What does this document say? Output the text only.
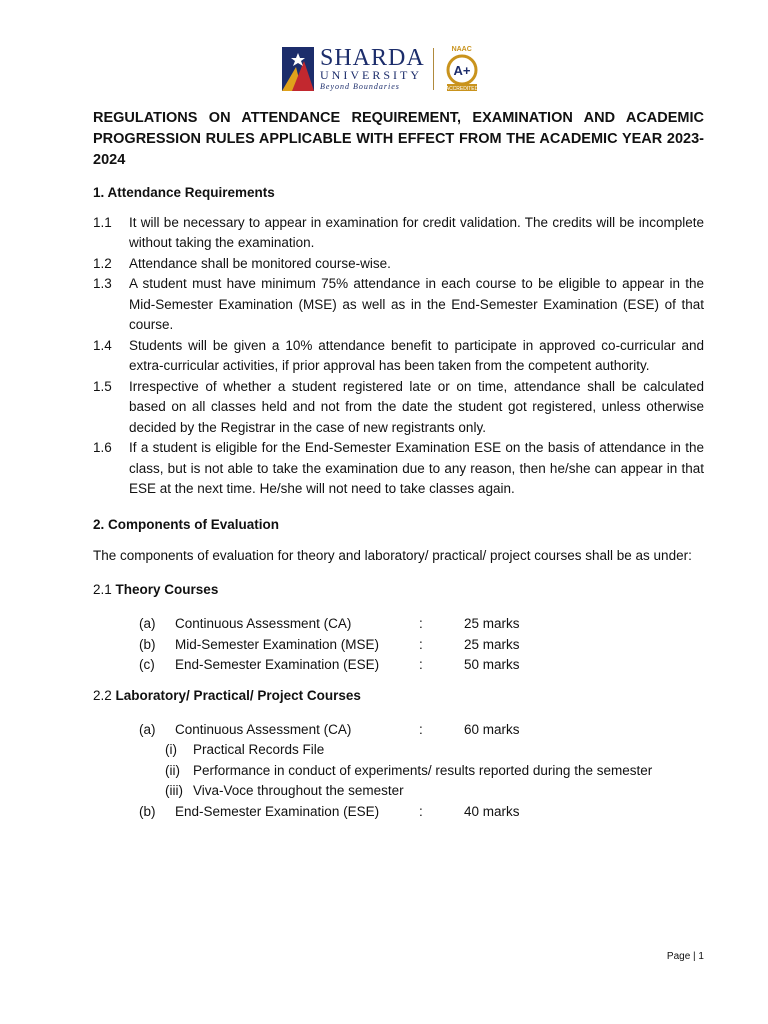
SHARDA
UNIVERSITY
Beyond Boundaries
NAAC
A+
ACCREDITED

REGULATIONS ON ATTENDANCE REQUIREMENT, EXAMINATION AND ACADEMIC PROGRESSION RULES APPLICABLE WITH EFFECT FROM THE ACADEMIC YEAR 2023-2024

1. Attendance Requirements

1.1	It will be necessary to appear in examination for credit validation. The credits will be incomplete without taking the examination.
1.2	Attendance shall be monitored course-wise.
1.3	A student must have minimum 75% attendance in each course to be eligible to appear in the Mid-Semester Examination (MSE) as well as in the End-Semester Examination (ESE) of that course.
1.4	Students will be given a 10% attendance benefit to participate in approved co-curricular and extra-curricular activities, if prior approval has been taken from the competent authority.
1.5	Irrespective of whether a student registered late or on time, attendance shall be calculated based on all classes held and not from the date the student got registered, unless otherwise decided by the Registrar in the case of new registrants only.
1.6	If a student is eligible for the End-Semester Examination ESE on the basis of attendance in the class, but is not able to take the examination due to any reason, then he/she can appear in that ESE at the next time. He/she will not need to take classes again.

2. Components of Evaluation

The components of evaluation for theory and laboratory/ practical/ project courses shall be as under:

2.1 Theory Courses

(a)	Continuous Assessment (CA)	:	25 marks
(b)	Mid-Semester Examination (MSE)	:	25 marks
(c)	End-Semester Examination (ESE)	:	50 marks

2.2 Laboratory/ Practical/ Project Courses

(a)	Continuous Assessment (CA)	:	60 marks
(i)	Practical Records File
(ii) Performance in conduct of experiments/ results reported during the semester
(iii) Viva-Voce throughout the semester
(b)	End-Semester Examination (ESE)	:	40 marks
Page | 1
